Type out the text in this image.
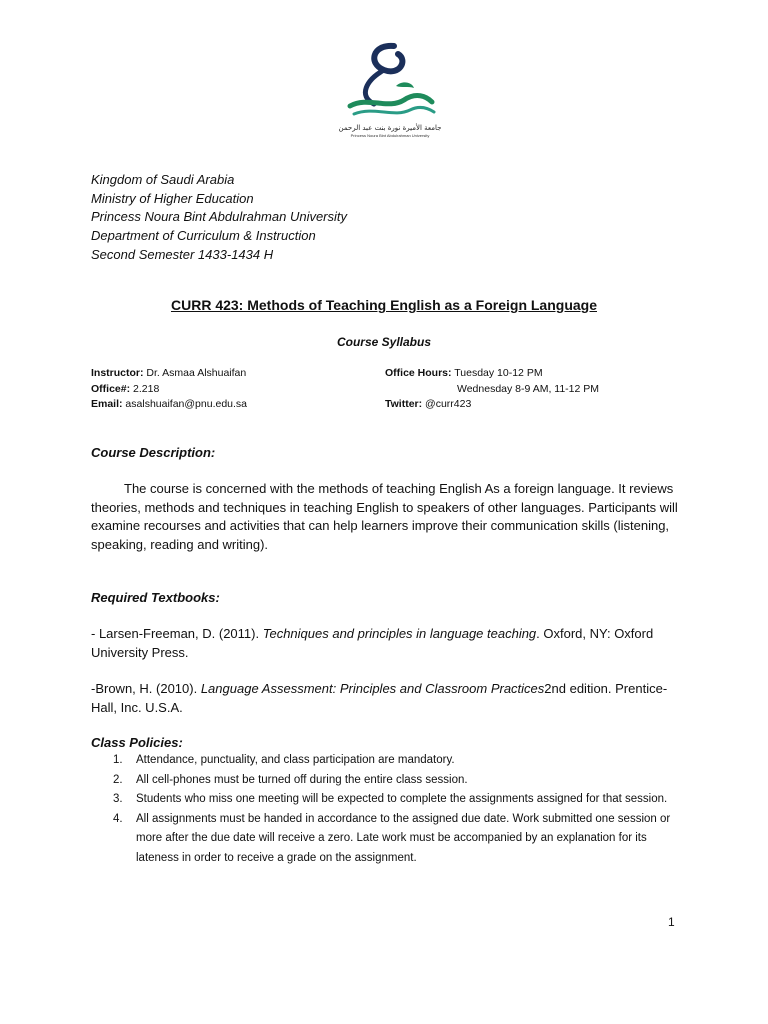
جامعة الأميرة نورة بنت عبد الرحمن
Princess Noura Bint Abdulrahman University
Kingdom of Saudi Arabia
Ministry of Higher Education
Princess Noura Bint Abdulrahman University
Department of Curriculum & Instruction
Second Semester 1433-1434 H
CURR 423: Methods of Teaching English as a Foreign Language
Course Syllabus
Instructor: Dr. Asmaa Alshuaifan
Office#: 2.218
Email: asalshuaifan@pnu.edu.sa
Office Hours: Tuesday 10-12 PM
Wednesday 8-9 AM, 11-12 PM
Twitter: @curr423
Course Description:
The course is concerned with the methods of teaching English As a foreign language. It reviews theories, methods and techniques in teaching English to speakers of other languages. Participants will examine recourses and activities that can help learners improve their communication skills (listening, speaking, reading and writing).
Required Textbooks:
- Larsen-Freeman, D. (2011). Techniques and principles in language teaching. Oxford, NY: Oxford University Press.
-Brown, H. (2010). Language Assessment: Principles and Classroom Practices2nd edition. Prentice-Hall, Inc. U.S.A.
Class Policies:
1. Attendance, punctuality, and class participation are mandatory.
2. All cell-phones must be turned off during the entire class session.
3. Students who miss one meeting will be expected to complete the assignments assigned for that session.
4. All assignments must be handed in accordance to the assigned due date. Work submitted one session or more after the due date will receive a zero. Late work must be accompanied by an explanation for its lateness in order to receive a grade on the assignment.
1
